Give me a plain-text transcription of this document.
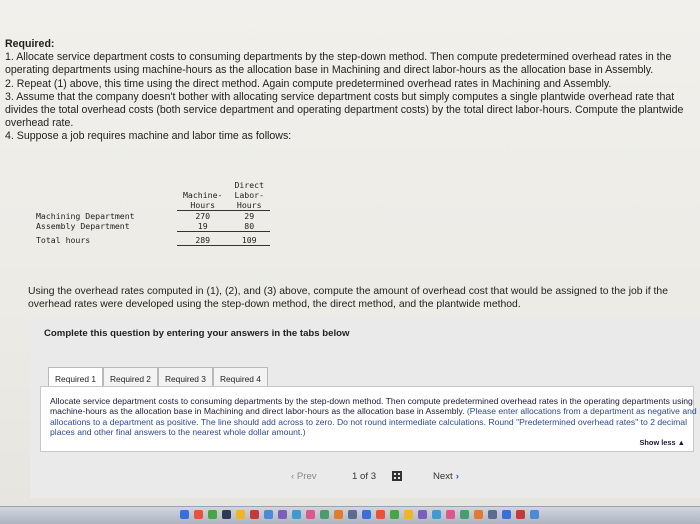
Required:

1. Allocate service department costs to consuming departments by the step-down method. Then compute predetermined overhead rates in the operating departments using machine-hours as the allocation base in Machining and direct labor-hours as the allocation base in Assembly.

2. Repeat (1) above, this time using the direct method. Again compute predetermined overhead rates in Machining and Assembly.

3. Assume that the company doesn't bother with allocating service department costs but simply computes a single plantwide overhead rate that divides the total overhead costs (both service department and operating department costs) by the total direct labor-hours. Compute the plantwide overhead rate.

4. Suppose a job requires machine and labor time as follows:

		Direct
	Machine-	Labor-
	Hours	Hours
Machining Department	270	29
Assembly Department	19	80
Total hours	289	109

Using the overhead rates computed in (1), (2), and (3) above, compute the amount of overhead cost that would be assigned to the job if the overhead rates were developed using the step-down method, the direct method, and the plantwide method.

Complete this question by entering your answers in the tabs below
Required 1	Required 2	Required 3	Required 4
Allocate service department costs to consuming departments by the step-down method. Then compute predetermined overhead rates in the operating departments using machine-hours as the allocation base in Machining and direct labor-hours as the allocation base in Assembly. (Please enter allocations from a department as negative and allocations to a department as positive. The line should add across to zero. Do not round intermediate calculations. Round "Predetermined overhead rates" to 2 decimal places and other final answers to the nearest whole dollar amount.)
Show less ▲
‹ Prev	1 of 3	Next ›
